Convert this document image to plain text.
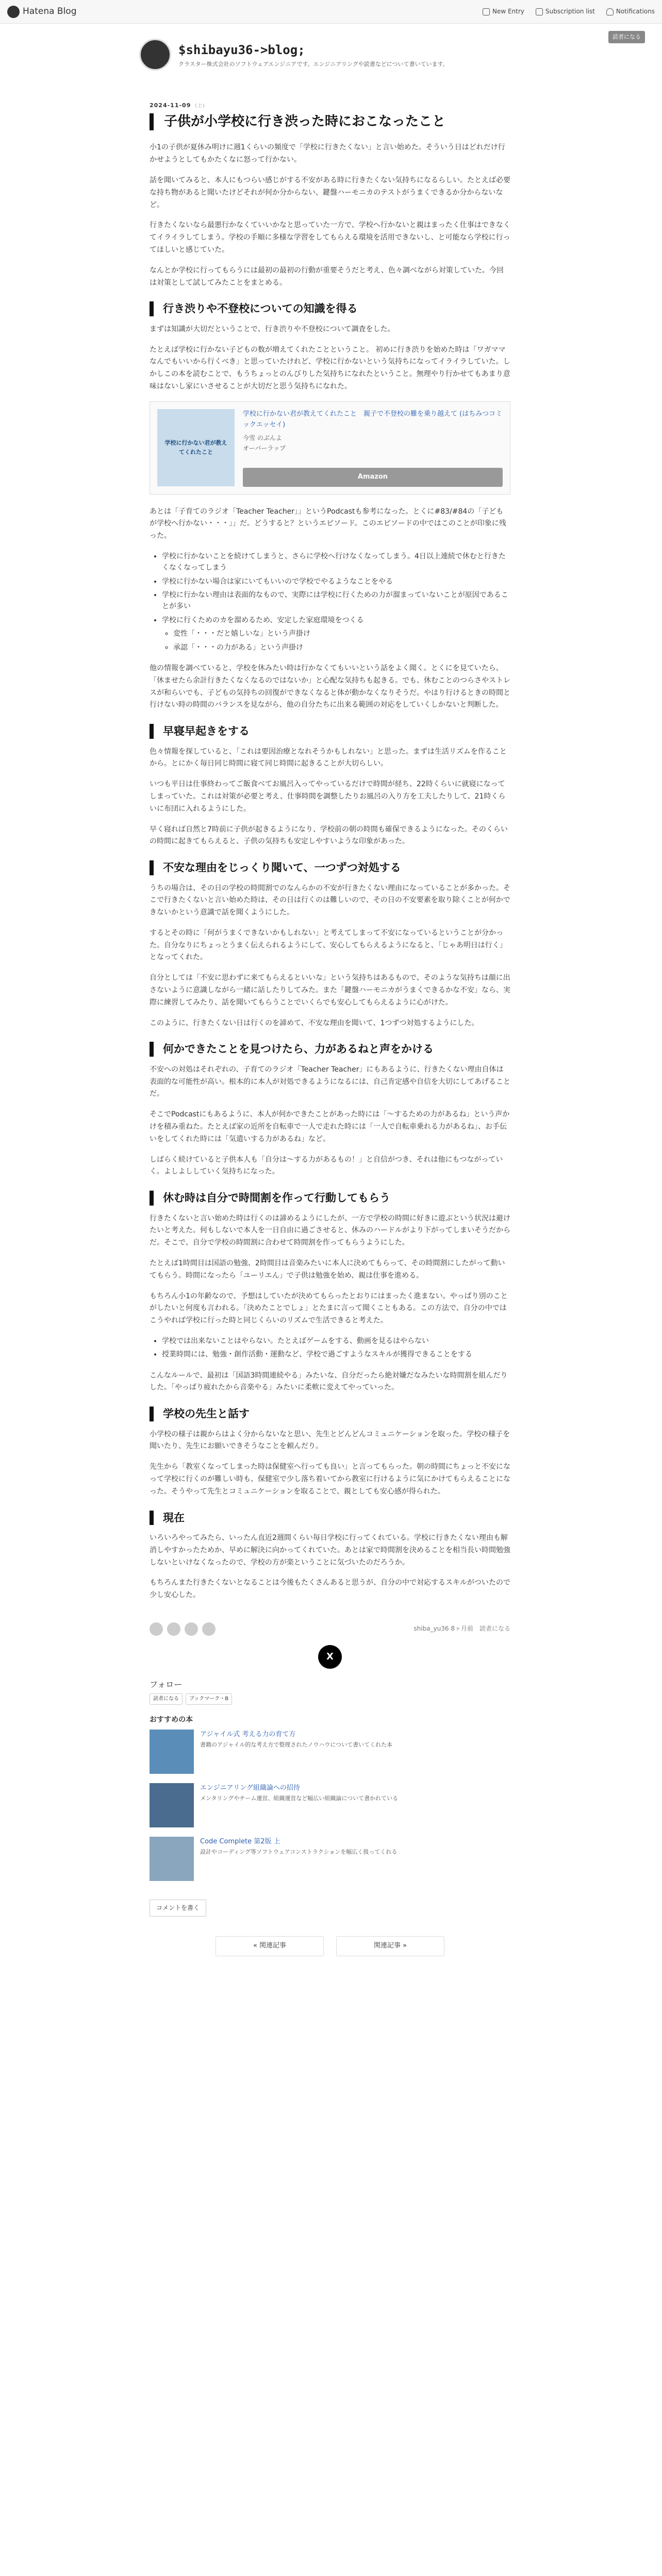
Hatena Blog	New Entry	Subscription list	Notifications
読者になる
$shibayu36->blog;
クラスター株式会社のソフトウェアエンジニアです。エンジニアリングや読書などについて書いています。
2024-11-09 (土)
子供が小学校に行き渋った時におこなったこと

小1の子供が夏休み明けに週1くらいの頻度で「学校に行きたくない」と言い始めた。そういう日はどれだけ行かせようとしてもかたくなに怒って行かない。

話を聞いてみると、本人にもつらい感じがする不安がある時に行きたくない気持ちになるらしい。たとえば必要な持ち物があると聞いたけどそれが何か分からない、鍵盤ハーモニカのテストがうまくできるか分からないなど。

行きたくないなら最悪行かなくていいかなと思っていた一方で、学校へ行かないと親はまったく仕事はできなくてイライラしてしまう。学校の手順に多様な学習をしてもらえる環境を活用できないし、と可能なら学校に行ってほしいと感じていた。

なんとか学校に行ってもらうには最初の最初の行動が重要そうだと考え、色々調べながら対策していた。今回は対策として試してみたことをまとめる。

行き渋りや不登校についての知識を得る

まずは知識が大切だということで、行き渋りや不登校について調査をした。

たとえば学校に行かない子どもの数が増えてくれたことということ。 初めに行き渋りを始めた時は「ワガママなんでもいいから行くべき」と思っていたけれど、学校に行かないという気持ちになってイライラしていた。しかしこの本を読むことで、もうちょっとのんびりした気持ちになれたということ。無理やり行かせてもあまり意味はないし家にいさせることが大切だと思う気持ちになれた。

学校に行かない君が教えてくれたこと
学校に行かない君が教えてくれたこと　親子で不登校の難を乗り越えて (はちみつコミックエッセイ)
今雪 のぶんよ
オーバーラップ
Amazon

あとは「子育てのラジオ「Teacher Teacher」」というPodcastも参考になった。とくに#83/#84の「子どもが学校へ行かない・・・」」だ。どうすると？というエピソード。このエピソードの中ではこのことが印象に残った。

• 学校に行かないことを続けてしまうと、さらに学校へ行けなくなってしまう。4日以上連続で休むと行きたくなくなってしまう
• 学校に行かない場合は家にいてもいいので学校でやるようなことをやる
• 学校に行かない理由は表面的なもので、実際には学校に行くための力が溜まっていないことが原因であることが多い
• 学校に行くためのカを溜めるため、安定した家庭環境をつくる
◦ 変性「・・・だと嬉しいな」という声掛け
◦ 承認「・・・の力がある」という声掛け

他の情報を調べていると、学校を休みたい時は行かなくてもいいという話をよく聞く。とくにを見ていたら、「休ませたら余計行きたくなくなるのではないか」と心配な気持ちも起きる。でも、休むことのつらさやストレスが和らいでも、子どもの気持ちの回復ができなくなると体が動かなくなりそうだ。やはり行けるときの時間と行けない時の時間のバランスを見ながら、他の自分たちに出来る範囲の対応をしていくしかないと判断した。

早寝早起きをする

色々情報を探していると、「これは要因治療となれそうかもしれない」と思った。まずは生活リズムを作ることから。とにかく毎日同じ時間に寝て同じ時間に起きることが大切らしい。

いつも平日は仕事終わってご飯食べてお風呂入ってやっているだけで時間が経ち、22時くらいに就寝になってしまっていた。これは対策が必要と考え、仕事時間を調整したりお風呂の入り方を工夫したりして、21時くらいに布団に入れるようにした。

早く寝れば自然と7時前に子供が起きるようになり、学校前の朝の時間も確保できるようになった。そのくらいの時間に起きてもらえると、子供の気持ちも安定しやすいような印象があった。

不安な理由をじっくり聞いて、一つずつ対処する

うちの場合は、その日の学校の時間割でのなんらかの不安が行きたくない理由になっていることが多かった。そこで行きたくないと言い始めた時は、その日は行くのは難しいので、その日の不安要素を取り除くことが何かできないかという意識で話を聞くようにした。

するとその時に「何がうまくできないかもしれない」と考えてしまって不安になっているということが分かった。自分なりにちょっとうまく伝えられるようにして、安心してもらえるようになると、「じゃあ明日は行く」となってくれた。

自分としては「不安に思わずに来てもらえるといいな」という気持ちはあるもので、そのような気持ちは顔に出さないように意識しながら一緒に話したりしてみた。また「鍵盤ハーモニカがうまくできるかな不安」なら、実際に練習してみたり、話を聞いてもらうことでいくらでも安心してもらえるように心がけた。

このように、行きたくない日は行くのを諦めて、不安な理由を聞いて、1つずつ対処するようにした。

何かできたことを見つけたら、力があるねと声をかける

不安への対処はそれぞれの、子育てのラジオ「Teacher Teacher」にもあるように、行きたくない理由自体は表面的な可能性が高い。根本的に本人が対処できるようになるには、自己肯定感や自信を大切にしてあげることだ。

そこでPodcastにもあるように、本人が何かできたことがあった時には「〜するための力があるね」という声かけを積み重ねた。たとえば家の近所を自転車で一人で走れた時には「一人で自転車乗れる力があるね」、お手伝いをしてくれた時には「気遣いする力があるね」など。

しばらく続けていると子供本人も「自分は〜する力があるもの！」と自信がつき、それは他にもつながっていく。よしよししていく気持ちになった。

休む時は自分で時間割を作って行動してもらう

行きたくないと言い始めた時は行くのは諦めるようにしたが、一方で学校の時間に好きに遊ぶという状況は避けたいと考えた。何もしないで本人を一日自由に過ごさせると、休みのハードルがより下がってしまいそうだからだ。そこで、自分で学校の時間割に合わせて時間割を作ってもらうようにした。

たとえば1時間目は国語の勉強、2時間目は音楽みたいに本人に決めてもらって、その時間割にしたがって動いてもらう。時間になったら「ユーリエん」で子供は勉強を始め、親は仕事を進める。

もちろん小1の年齢なので、予想はしていたが決めてもらったとおりにはまったく進まない。やっぱり別のことがしたいと何度も言われる。「決めたことでしょ」とたまに言って聞くこともある。この方法で、自分の中ではこうやれば学校に行った時と同じくらいのリズムで生活できると考えた。

• 学校では出来ないことはやらない。たとえばゲームをする、動画を見るはやらない
• 授業時間には、勉強・創作活動・運動など、学校で過ごすようなスキルが獲得できることをする

こんなルールで、最初は「国語3時間連続やる」みたいな、自分だったら絶対嫌だなみたいな時間割を組んだりした。「やっぱり疲れたから音楽やる」みたいに柔軟に変えてやっていった。

学校の先生と話す

小学校の様子は親からはよく分からないなと思い、先生とどんどんコミュニケーションを取った。学校の様子を聞いたり、先生にお願いできそうなことを頼んだり。

先生から「教室くなってしまった時は保健室へ行っても良い」と言ってもらった。朝の時間にちょっと不安になって学校に行くのが難しい時も、保健室で少し落ち着いてから教室に行けるように気にかけてもらえることになった。そうやって先生とコミュニケーションを取ることで、親としても安心感が得られた。

現在

いろいろやってみたら、いったん直近2週間くらい毎日学校に行ってくれている。学校に行きたくない理由も解消しやすかったためか、早めに解決に向かってくれていた。あとは家で時間割を決めることを相当長い時間勉強しないといけなくなったので、学校の方が楽ということに気づいたのだろうか。

もちろんまた行きたくないとなることは今後もたくさんあると思うが、自分の中で対応するスキルがついたので少し安心した。

shiba_yu36 8ヶ月前　読者になる
X
フォロー
読者になる	ブックマーク・B
おすすめの本
アジャイル式 考える力の育て方
書籍のアジャイル的な考え方で整理されたノウハウについて書いてくれた本
エンジニアリング組織論への招待
メンタリングやチーム運営、組織運営など幅広い組織論について書かれている
Code Complete 第2版 上
設計やコーディング等ソフトウェアコンストラクションを幅広く扱ってくれる
コメントを書く
« 関連記事	関連記事 »
